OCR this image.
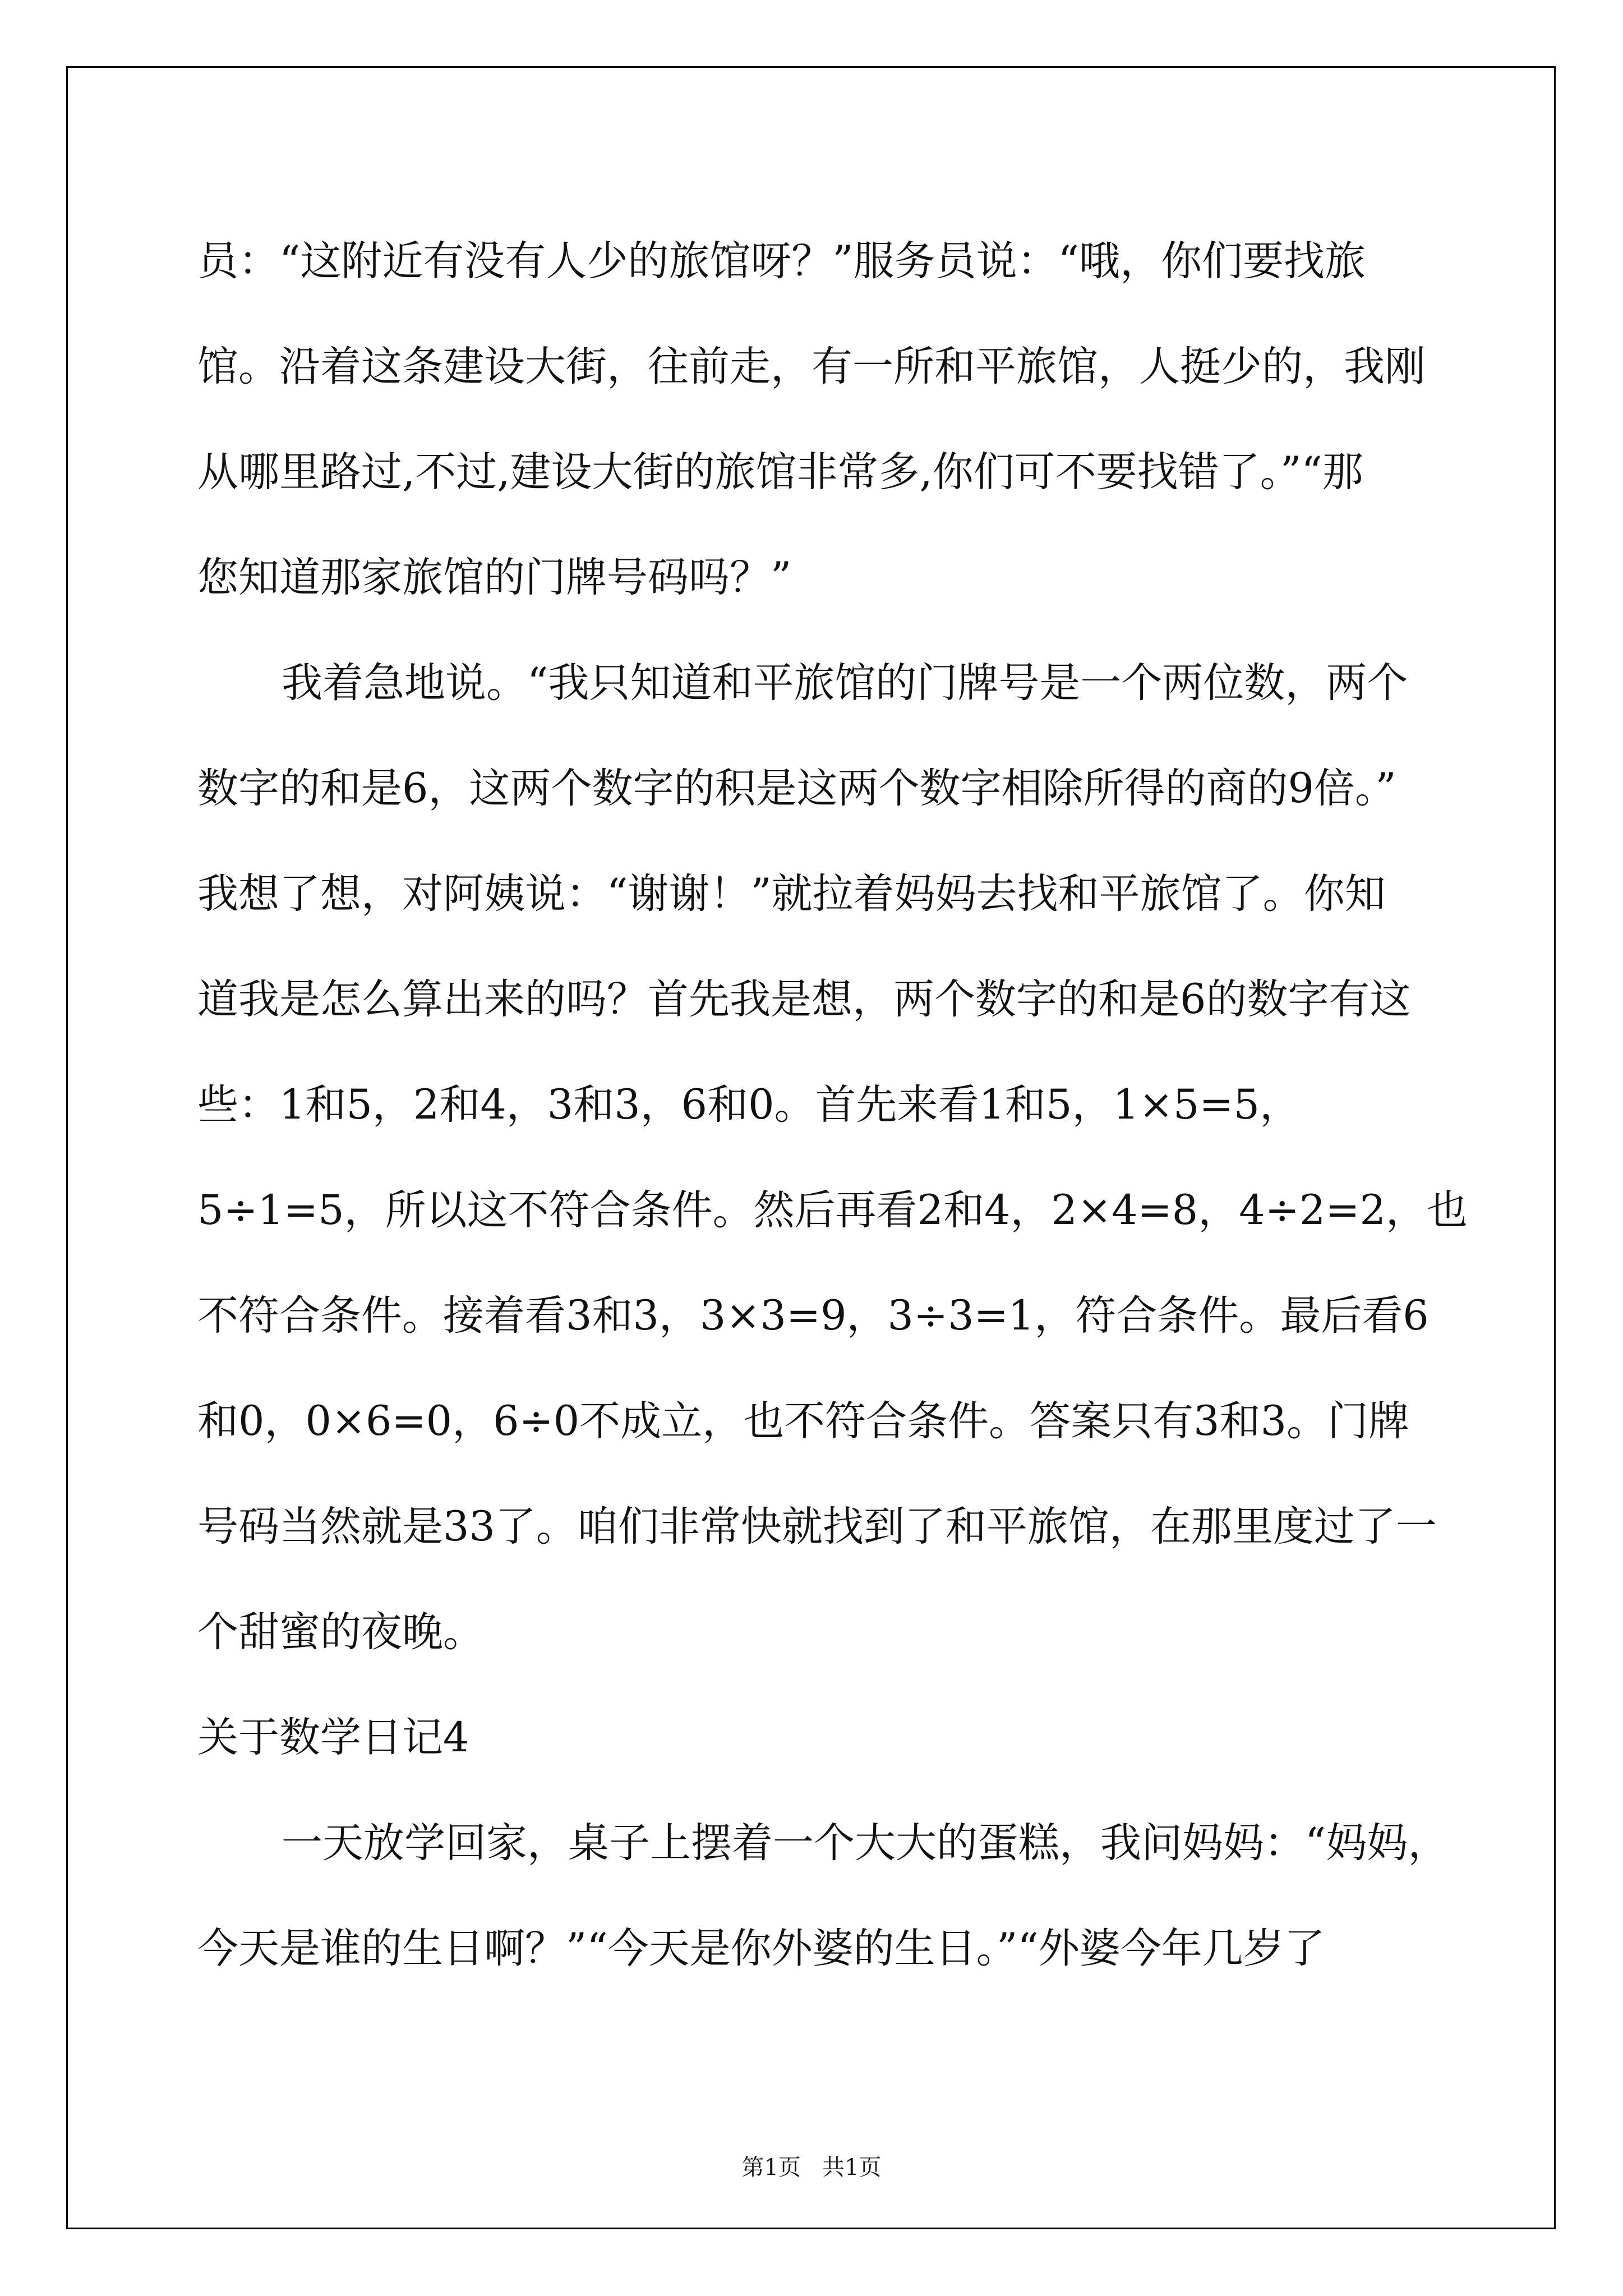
员：“这附近有没有人少的旅馆呀？”服务员说：“哦，你们要找旅
馆。沿着这条建设大街，往前走，有一所和平旅馆，人挺少的，我刚
从哪里路过,不过,建设大街的旅馆非常多,你们可不要找错了。”“那
您知道那家旅馆的门牌号码吗？”
我着急地说。“我只知道和平旅馆的门牌号是一个两位数，两个
数字的和是6，这两个数字的积是这两个数字相除所得的商的9倍。”
我想了想，对阿姨说：“谢谢！”就拉着妈妈去找和平旅馆了。你知
道我是怎么算出来的吗？首先我是想，两个数字的和是6的数字有这
些：1和5，2和4，3和3，6和0。首先来看1和5，1×5=5，
5÷1=5，所以这不符合条件。然后再看2和4，2×4=8，4÷2=2，也
不符合条件。接着看3和3，3×3=9，3÷3=1，符合条件。最后看6
和0，0×6=0，6÷0不成立，也不符合条件。答案只有3和3。门牌
号码当然就是33了。咱们非常快就找到了和平旅馆，在那里度过了一
个甜蜜的夜晚。
关于数学日记4
一天放学回家，桌子上摆着一个大大的蛋糕，我问妈妈：“妈妈，
今天是谁的生日啊？”“今天是你外婆的生日。”“外婆今年几岁了
第1页   共1页
